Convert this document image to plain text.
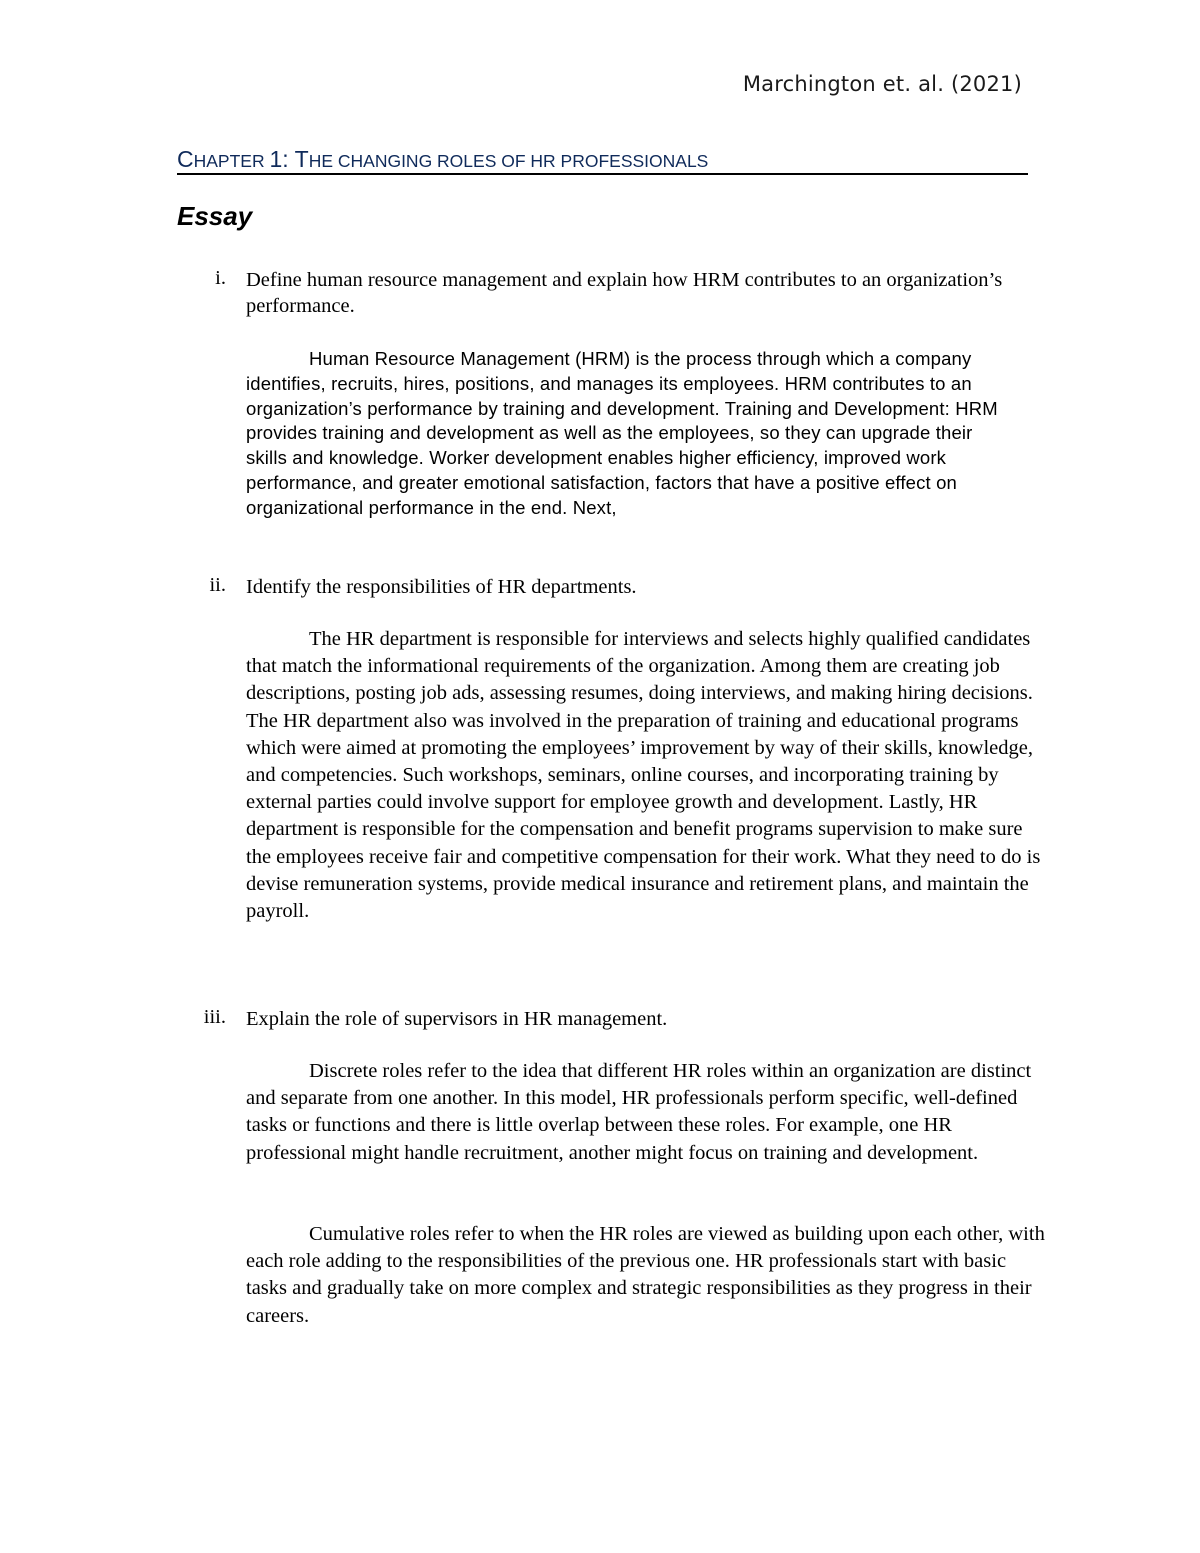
Marchington et. al. (2021)
CHAPTER 1: THE CHANGING ROLES OF HR PROFESSIONALS
Essay
i. Define human resource management and explain how HRM contributes to an organization’s performance.
Human Resource Management (HRM) is the process through which a company identifies, recruits, hires, positions, and manages its employees. HRM contributes to an organization’s performance by training and development. Training and Development: HRM provides training and development as well as the employees, so they can upgrade their skills and knowledge. Worker development enables higher efficiency, improved work performance, and greater emotional satisfaction, factors that have a positive effect on organizational performance in the end. Next,
ii. Identify the responsibilities of HR departments.
The HR department is responsible for interviews and selects highly qualified candidates that match the informational requirements of the organization. Among them are creating job descriptions, posting job ads, assessing resumes, doing interviews, and making hiring decisions. The HR department also was involved in the preparation of training and educational programs which were aimed at promoting the employees’ improvement by way of their skills, knowledge, and competencies. Such workshops, seminars, online courses, and incorporating training by external parties could involve support for employee growth and development. Lastly, HR department is responsible for the compensation and benefit programs supervision to make sure the employees receive fair and competitive compensation for their work. What they need to do is devise remuneration systems, provide medical insurance and retirement plans, and maintain the payroll.
iii. Explain the role of supervisors in HR management.
Discrete roles refer to the idea that different HR roles within an organization are distinct and separate from one another. In this model, HR professionals perform specific, well-defined tasks or functions and there is little overlap between these roles. For example, one HR professional might handle recruitment, another might focus on training and development.
Cumulative roles refer to when the HR roles are viewed as building upon each other, with each role adding to the responsibilities of the previous one. HR professionals start with basic tasks and gradually take on more complex and strategic responsibilities as they progress in their careers.
